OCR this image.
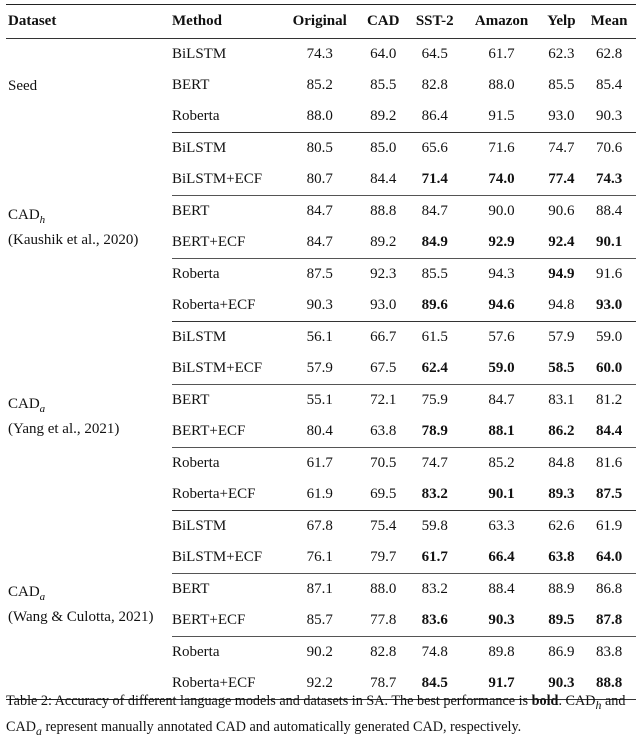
Dataset	Method	Original	CAD	SST-2	Amazon	Yelp	Mean

Seed	BiLSTM	74.3	64.0	64.5	61.7	62.3	62.8
	BERT	85.2	85.5	82.8	88.0	85.5	85.4
	Roberta	88.0	89.2	86.4	91.5	93.0	90.3

$CAD_h$
(Kaushik et al., 2020)	BiLSTM	80.5	85.0	65.6	71.6	74.7	70.6
	BiLSTM+ECF	80.7	84.4	71.4	74.0	77.4	74.3
	BERT	84.7	88.8	84.7	90.0	90.6	88.4
	BERT+ECF	84.7	89.2	84.9	92.9	92.4	90.1
	Roberta	87.5	92.3	85.5	94.3	94.9	91.6
	Roberta+ECF	90.3	93.0	89.6	94.6	94.8	93.0

$CAD_a$
(Yang et al., 2021)	BiLSTM	56.1	66.7	61.5	57.6	57.9	59.0
	BiLSTM+ECF	57.9	67.5	62.4	59.0	58.5	60.0
	BERT	55.1	72.1	75.9	84.7	83.1	81.2
	BERT+ECF	80.4	63.8	78.9	88.1	86.2	84.4
	Roberta	61.7	70.5	74.7	85.2	84.8	81.6
	Roberta+ECF	61.9	69.5	83.2	90.1	89.3	87.5

$CAD_a$
(Wang & Culotta, 2021)	BiLSTM	67.8	75.4	59.8	63.3	62.6	61.9
	BiLSTM+ECF	76.1	79.7	61.7	66.4	63.8	64.0
	BERT	87.1	88.0	83.2	88.4	88.9	86.8
	BERT+ECF	85.7	77.8	83.6	90.3	89.5	87.8
	Roberta	90.2	82.8	74.8	89.8	86.9	83.8
	Roberta+ECF	92.2	78.7	84.5	91.7	90.3	88.8
Table 2: Accuracy of different language models and datasets in SA. The best performance is bold. $CAD_h$ and $CAD_a$ represent manually annotated CAD and automatically generated CAD, respectively.
